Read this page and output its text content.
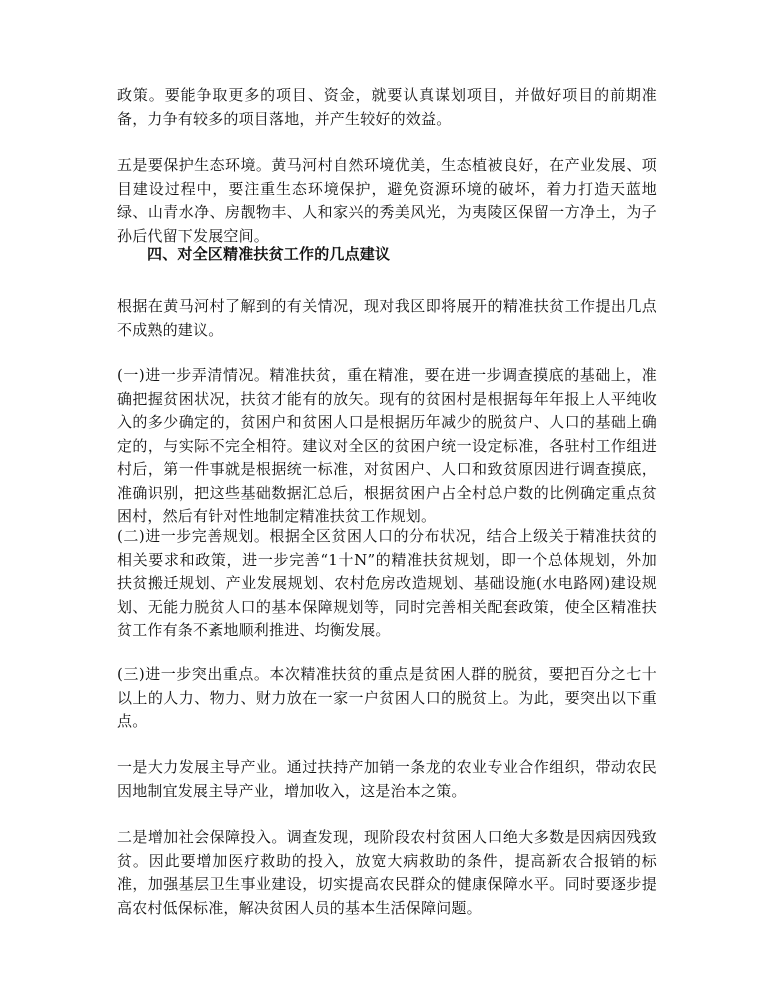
政策。要能争取更多的项目、资金，就要认真谋划项目，并做好项目的前期准备，力争有较多的项目落地，并产生较好的效益。

五是要保护生态环境。黄马河村自然环境优美，生态植被良好，在产业发展、项目建设过程中，要注重生态环境保护，避免资源环境的破坏，着力打造天蓝地绿、山青水净、房靓物丰、人和家兴的秀美风光，为夷陵区保留一方净土，为子孙后代留下发展空间。

四、对全区精准扶贫工作的几点建议

根据在黄马河村了解到的有关情况，现对我区即将展开的精准扶贫工作提出几点不成熟的建议。

(一)进一步弄清情况。精准扶贫，重在精准，要在进一步调查摸底的基础上，准确把握贫困状况，扶贫才能有的放矢。现有的贫困村是根据每年年报上人平纯收入的多少确定的，贫困户和贫困人口是根据历年减少的脱贫户、人口的基础上确定的，与实际不完全相符。建议对全区的贫困户统一设定标准，各驻村工作组进村后，第一件事就是根据统一标准，对贫困户、人口和致贫原因进行调查摸底，准确识别，把这些基础数据汇总后，根据贫困户占全村总户数的比例确定重点贫困村，然后有针对性地制定精准扶贫工作规划。

(二)进一步完善规划。根据全区贫困人口的分布状况，结合上级关于精准扶贫的相关要求和政策，进一步完善“1十N”的精准扶贫规划，即一个总体规划，外加扶贫搬迁规划、产业发展规划、农村危房改造规划、基础设施(水电路网)建设规划、无能力脱贫人口的基本保障规划等，同时完善相关配套政策，使全区精准扶贫工作有条不紊地顺利推进、均衡发展。

(三)进一步突出重点。本次精准扶贫的重点是贫困人群的脱贫，要把百分之七十以上的人力、物力、财力放在一家一户贫困人口的脱贫上。为此，要突出以下重点。

一是大力发展主导产业。通过扶持产加销一条龙的农业专业合作组织，带动农民因地制宜发展主导产业，增加收入，这是治本之策。

二是增加社会保障投入。调查发现，现阶段农村贫困人口绝大多数是因病因残致贫。因此要增加医疗救助的投入，放宽大病救助的条件，提高新农合报销的标准，加强基层卫生事业建设，切实提高农民群众的健康保障水平。同时要逐步提高农村低保标准，解决贫困人员的基本生活保障问题。
